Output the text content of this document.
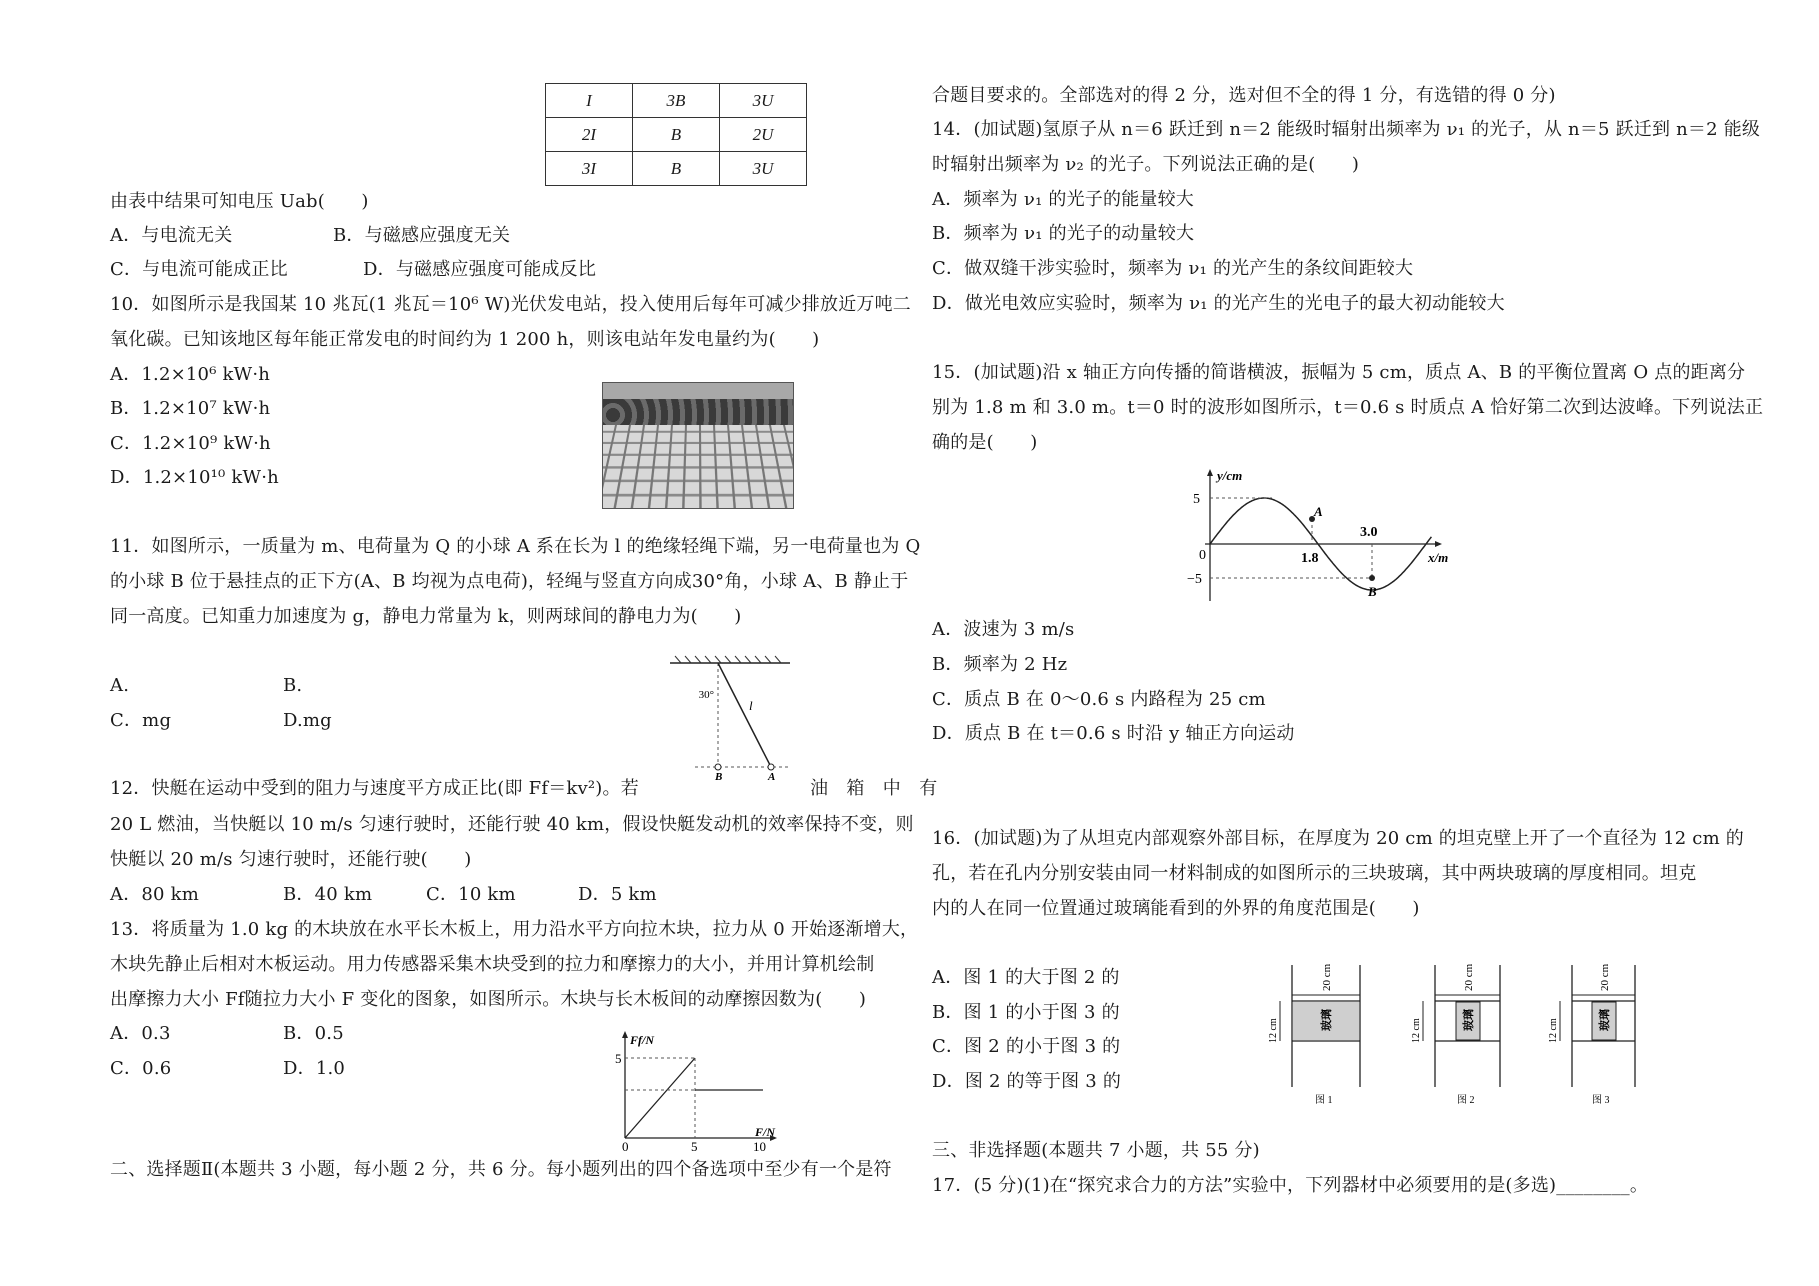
I	3B	3U
2I	B	2U
3I	B	3U
由表中结果可知电压 Uab(　　)
A．与电流无关	B．与磁感应强度无关
C．与电流可能成正比	D．与磁感应强度可能成反比
10．如图所示是我国某 10 兆瓦(1 兆瓦＝10⁶ W)光伏发电站，投入使用后每年可减少排放近万吨二
氧化碳。已知该地区每年能正常发电的时间约为 1 200 h，则该电站年发电量约为(　　)
A．1.2×10⁶ kW·h
B．1.2×10⁷ kW·h
C．1.2×10⁹ kW·h
D．1.2×10¹⁰ kW·h
11．如图所示，一质量为 m、电荷量为 Q 的小球 A 系在长为 l 的绝缘轻绳下端，另一电荷量也为 Q
的小球 B 位于悬挂点的正下方(A、B 均视为点电荷)，轻绳与竖直方向成30°角，小球 A、B 静止于
同一高度。已知重力加速度为 g，静电力常量为 k，则两球间的静电力为(　　)
A.	B.
C．mg	D.mg
30°
l
B	A
12．快艇在运动中受到的阻力与速度平方成正比(即 Ff＝kv²)。若	油　箱　中　有
20 L 燃油，当快艇以 10 m/s 匀速行驶时，还能行驶 40 km，假设快艇发动机的效率保持不变，则
快艇以 20 m/s 匀速行驶时，还能行驶(　　)
A．80 km	B．40 km	C．10 km	D．5 km
13．将质量为 1.0 kg 的木块放在水平长木板上，用力沿水平方向拉木块，拉力从 0 开始逐渐增大，
木块先静止后相对木板运动。用力传感器采集木块受到的拉力和摩擦力的大小，并用计算机绘制
出摩擦力大小 Ff随拉力大小 F 变化的图象，如图所示。木块与长木板间的动摩擦因数为(　　)
A．0.3	B．0.5
C．0.6	D．1.0
Ff/N
F/N
5
0	5	10
二、选择题Ⅱ(本题共 3 小题，每小题 2 分，共 6 分。每小题列出的四个备选项中至少有一个是符
合题目要求的。全部选对的得 2 分，选对但不全的得 1 分，有选错的得 0 分)
14．(加试题)氢原子从 n＝6 跃迁到 n＝2 能级时辐射出频率为 ν₁ 的光子，从 n＝5 跃迁到 n＝2 能级
时辐射出频率为 ν₂ 的光子。下列说法正确的是(　　)
A．频率为 ν₁ 的光子的能量较大
B．频率为 ν₁ 的光子的动量较大
C．做双缝干涉实验时，频率为 ν₁ 的光产生的条纹间距较大
D．做光电效应实验时，频率为 ν₁ 的光产生的光电子的最大初动能较大
15．(加试题)沿 x 轴正方向传播的简谐横波，振幅为 5 cm，质点 A、B 的平衡位置离 O 点的距离分
别为 1.8 m 和 3.0 m。t＝0 时的波形如图所示，t＝0.6 s 时质点 A 恰好第二次到达波峰。下列说法正
确的是(　　)
y/cm
x/m
5
−5
0	1.8
3.0
A
B
A．波速为 3 m/s
B．频率为 2 Hz
C．质点 B 在 0～0.6 s 内路程为 25 cm
D．质点 B 在 t＝0.6 s 时沿 y 轴正方向运动
16．(加试题)为了从坦克内部观察外部目标，在厚度为 20 cm 的坦克壁上开了一个直径为 12 cm 的
孔，若在孔内分别安装由同一材料制成的如图所示的三块玻璃，其中两块玻璃的厚度相同。坦克
内的人在同一位置通过玻璃能看到的外界的角度范围是(　　)
A．图 1 的大于图 2 的
B．图 1 的小于图 3 的
C．图 2 的小于图 3 的
D．图 2 的等于图 3 的
20 cm
12 cm	玻璃
图 1
20 cm
12 cm	玻璃
图 2
20 cm
12 cm	玻璃
图 3
三、非选择题(本题共 7 小题，共 55 分)
17．(5 分)(1)在“探究求合力的方法”实验中，下列器材中必须要用的是(多选)________。
